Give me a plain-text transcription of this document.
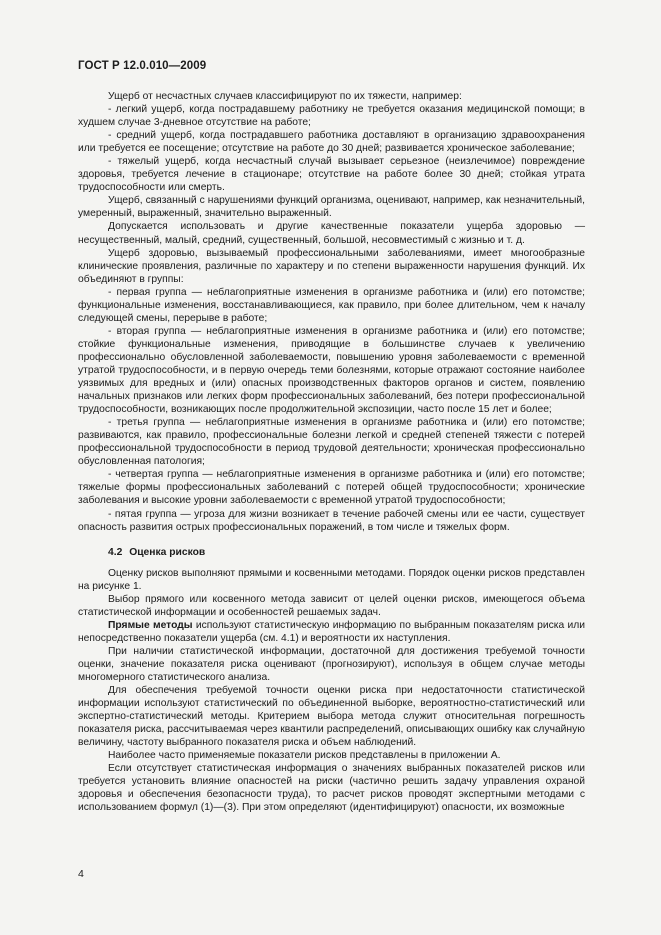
ГОСТ Р 12.0.010—2009

Ущерб от несчастных случаев классифицируют по их тяжести, например:

- легкий ущерб, когда пострадавшему работнику не требуется оказания медицинской помощи; в худшем случае 3-дневное отсутствие на работе;

- средний ущерб, когда пострадавшего работника доставляют в организацию здравоохранения или требуется ее посещение; отсутствие на работе до 30 дней; развивается хроническое заболевание;

- тяжелый ущерб, когда несчастный случай вызывает серьезное (неизлечимое) повреждение здоровья, требуется лечение в стационаре; отсутствие на работе более 30 дней; стойкая утрата трудоспособности или смерть.

Ущерб, связанный с нарушениями функций организма, оценивают, например, как незначительный, умеренный, выраженный, значительно выраженный.

Допускается использовать и другие качественные показатели ущерба здоровью — несущественный, малый, средний, существенный, большой, несовместимый с жизнью и т. д.

Ущерб здоровью, вызываемый профессиональными заболеваниями, имеет многообразные клинические проявления, различные по характеру и по степени выраженности нарушения функций. Их объединяют в группы:

- первая группа — неблагоприятные изменения в организме работника и (или) его потомстве; функциональные изменения, восстанавливающиеся, как правило, при более длительном, чем к началу следующей смены, перерыве в работе;

- вторая группа — неблагоприятные изменения в организме работника и (или) его потомстве; стойкие функциональные изменения, приводящие в большинстве случаев к увеличению профессионально обусловленной заболеваемости, повышению уровня заболеваемости с временной утратой трудоспособности, и в первую очередь теми болезнями, которые отражают состояние наиболее уязвимых для вредных и (или) опасных производственных факторов органов и систем, появлению начальных признаков или легких форм профессиональных заболеваний, без потери профессиональной трудоспособности, возникающих после продолжительной экспозиции, часто после 15 лет и более;

- третья группа — неблагоприятные изменения в организме работника и (или) его потомстве; развиваются, как правило, профессиональные болезни легкой и средней степеней тяжести с потерей профессиональной трудоспособности в период трудовой деятельности; хроническая профессионально обусловленная патология;

- четвертая группа — неблагоприятные изменения в организме работника и (или) его потомстве; тяжелые формы профессиональных заболеваний с потерей общей трудоспособности; хронические заболевания и высокие уровни заболеваемости с временной утратой трудоспособности;

- пятая группа — угроза для жизни возникает в течение рабочей смены или ее части, существует опасность развития острых профессиональных поражений, в том числе и тяжелых форм.

4.2 Оценка рисков

Оценку рисков выполняют прямыми и косвенными методами. Порядок оценки рисков представлен на рисунке 1.

Выбор прямого или косвенного метода зависит от целей оценки рисков, имеющегося объема статистической информации и особенностей решаемых задач.

Прямые методы используют статистическую информацию по выбранным показателям риска или непосредственно показатели ущерба (см. 4.1) и вероятности их наступления.

При наличии статистической информации, достаточной для достижения требуемой точности оценки, значение показателя риска оценивают (прогнозируют), используя в общем случае методы многомерного статистического анализа.

Для обеспечения требуемой точности оценки риска при недостаточности статистической информации используют статистический по объединенной выборке, вероятностно-статистический или экспертно-статистический методы. Критерием выбора метода служит относительная погрешность показателя риска, рассчитываемая через квантили распределений, описывающих ошибку как случайную величину, частоту выбранного показателя риска и объем наблюдений.

Наиболее часто применяемые показатели рисков представлены в приложении А.

Если отсутствует статистическая информация о значениях выбранных показателей рисков или требуется установить влияние опасностей на риски (частично решить задачу управления охраной здоровья и обеспечения безопасности труда), то расчет рисков проводят экспертными методами с использованием формул (1)—(3). При этом определяют (идентифицируют) опасности, их возможные

4
